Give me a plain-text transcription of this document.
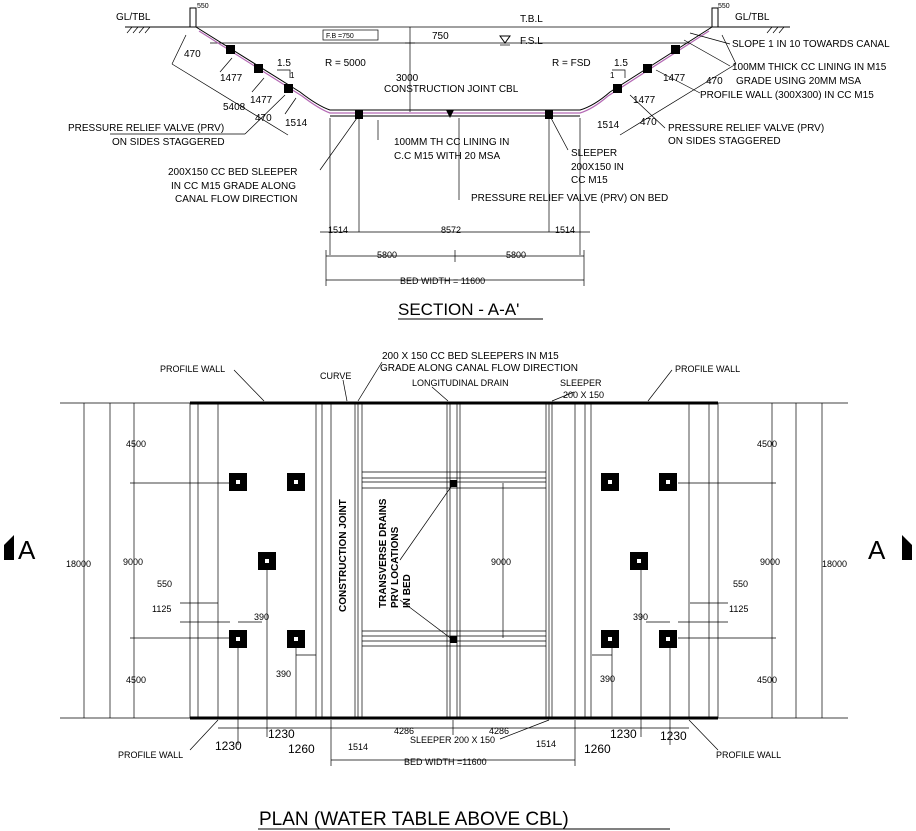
GL/TBL
550	550
GL/TBL
T.B.L
F.S.L
F.B =750	750
3000
R = 5000	R = FSD
1.5
1
1.5
1
470
1477
1477
5408
470 1514
1477
1477
470
470
1514
CONSTRUCTION JOINT CBL
SLOPE 1 IN 10 TOWARDS CANAL
100MM THICK CC LINING IN M15
GRADE USING 20MM MSA
PROFILE WALL (300X300) IN CC M15
PRESSURE RELIEF VALVE (PRV)
ON SIDES STAGGERED
PRESSURE RELIEF VALVE (PRV)
ON SIDES STAGGERED
100MM TH CC LINING IN
C.C M15 WITH 20 MSA	SLEEPER
200X150 IN
CC M15
200X150 CC BED SLEEPER
IN CC M15 GRADE ALONG
CANAL FLOW DIRECTION	PRESSURE RELIEF VALVE (PRV) ON BED
1514	8572	1514
5800	5800
BED WIDTH = 11600
SECTION - A-A'
PROFILE WALL
CURVE
200 X 150 CC BED SLEEPERS IN M15
GRADE ALONG CANAL FLOW DIRECTION
LONGITUDINAL DRAIN	SLEEPER
200 X 150
PROFILE WALL
CONSTRUCTION JOINT	TRANSVERSE DRAINS PRV LOCATIONS IN BED
A	A
18000	9000
4500
4500
550
1125
390
390
9000	18000
9000
4500
4500
550
1125
390
390
1230
1230
1260	1514
4286	4286
SLEEPER 200 X 150	1514 1260
1230 1230
PROFILE WALL	PROFILE WALL
BED WIDTH =11600
PLAN (WATER TABLE ABOVE CBL)
